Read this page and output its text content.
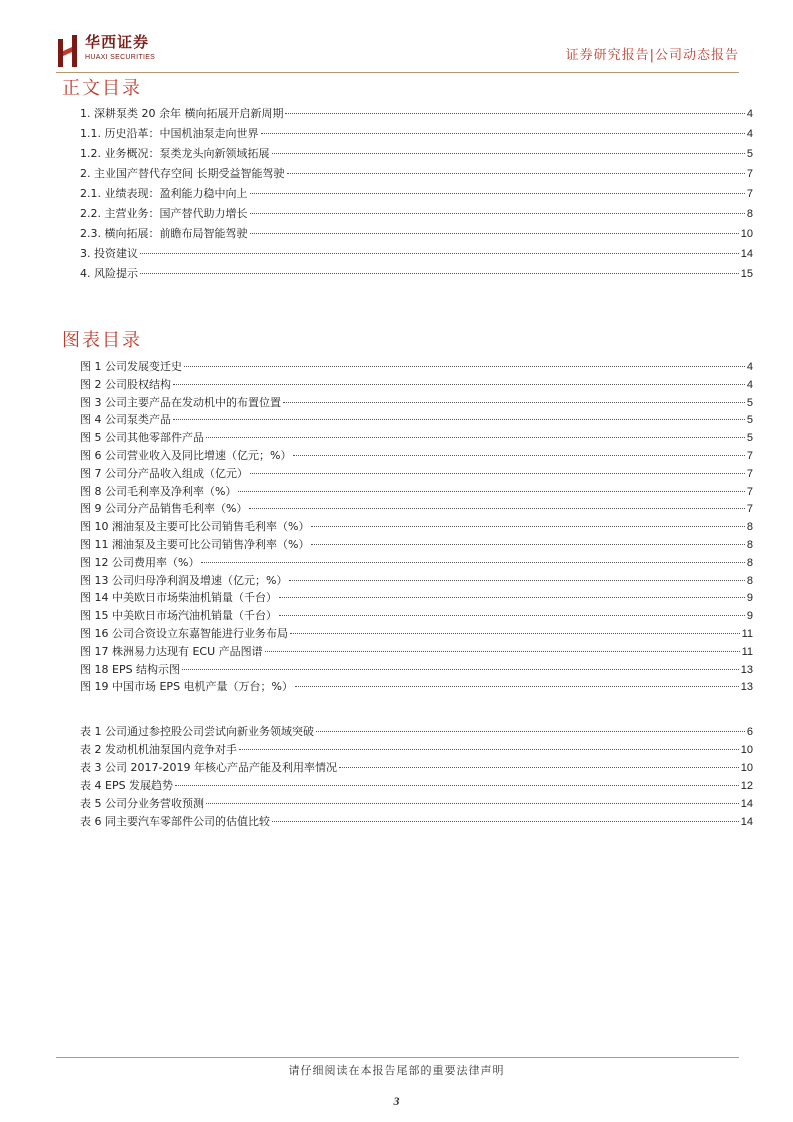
华西证券
HUAXI SECURITIES	证券研究报告|公司动态报告
正文目录
1. 深耕泵类 20 余年 横向拓展开启新周期	4
1.1. 历史沿革：中国机油泵走向世界	4
1.2. 业务概况：泵类龙头向新领域拓展	5
2. 主业国产替代存空间 长期受益智能驾驶	7
2.1. 业绩表现：盈利能力稳中向上	7
2.2. 主营业务：国产替代助力增长	8
2.3. 横向拓展：前瞻布局智能驾驶	10
3. 投资建议	14
4. 风险提示	15
图表目录
图 1 公司发展变迁史	4
图 2 公司股权结构	4
图 3 公司主要产品在发动机中的布置位置	5
图 4 公司泵类产品	5
图 5 公司其他零部件产品	5
图 6 公司营业收入及同比增速（亿元；%）	7
图 7 公司分产品收入组成（亿元）	7
图 8 公司毛利率及净利率（%）	7
图 9 公司分产品销售毛利率（%）	7
图 10 湘油泵及主要可比公司销售毛利率（%）	8
图 11 湘油泵及主要可比公司销售净利率（%）	8
图 12 公司费用率（%）	8
图 13 公司归母净利润及增速（亿元；%）	8
图 14 中美欧日市场柴油机销量（千台）	9
图 15 中美欧日市场汽油机销量（千台）	9
图 16 公司合资设立东嘉智能进行业务布局	11
图 17 株洲易力达现有 ECU 产品图谱	11
图 18 EPS 结构示图	13
图 19 中国市场 EPS 电机产量（万台；%）	13
表 1 公司通过参控股公司尝试向新业务领域突破	6
表 2 发动机机油泵国内竞争对手	10
表 3 公司 2017-2019 年核心产品产能及利用率情况	10
表 4 EPS 发展趋势	12
表 5 公司分业务营收预测	14
表 6 同主要汽车零部件公司的估值比较	14
请仔细阅读在本报告尾部的重要法律声明
3
